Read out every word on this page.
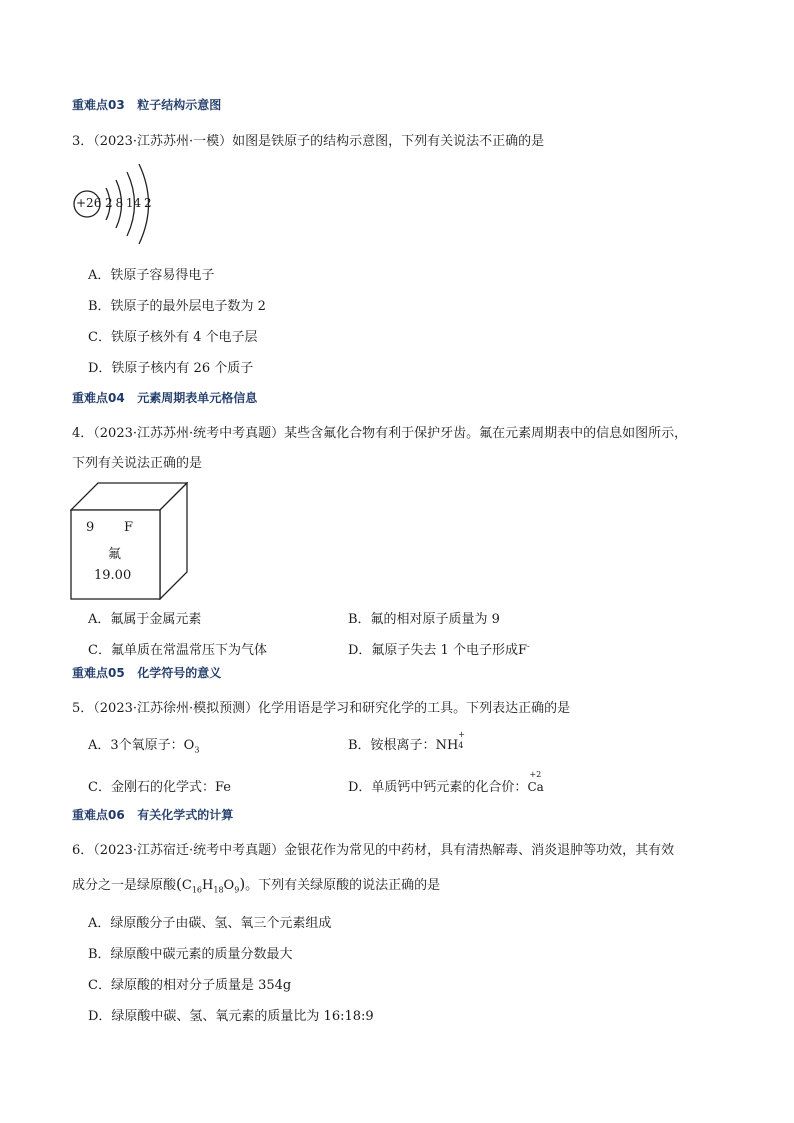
重难点03 粒子结构示意图
3．（2023·江苏苏州·一模）如图是铁原子的结构示意图，下列有关说法不正确的是
+26 2 8 14 2
A．铁原子容易得电子
B．铁原子的最外层电子数为 2
C．铁原子核外有 4 个电子层
D．铁原子核内有 26 个质子
重难点04 元素周期表单元格信息
4．（2023·江苏苏州·统考中考真题）某些含氟化合物有利于保护牙齿。氟在元素周期表中的信息如图所示，
下列有关说法正确的是
9 F
氟
19.00
A．氟属于金属元素	B．氟的相对原子质量为 9
C．氟单质在常温常压下为气体	D．氟原子失去 1 个电子形成F-
重难点05 化学符号的意义
5．（2023·江苏徐州·模拟预测）化学用语是学习和研究化学的工具。下列表达正确的是
A．3个氧原子：$O_3$	B．铵根离子：NH
+
4
C．金刚石的化学式：Fe	D．单质钙中钙元素的化合价：
+2
Ca
重难点06 有关化学式的计算
6．（2023·江苏宿迁·统考中考真题）金银花作为常见的中药材，具有清热解毒、消炎退肿等功效，其有效
成分之一是绿原酸$(C_{16}H_{18}O_9)$。下列有关绿原酸的说法正确的是
A．绿原酸分子由碳、氢、氧三个元素组成
B．绿原酸中碳元素的质量分数最大
C．绿原酸的相对分子质量是 354g
D．绿原酸中碳、氢、氧元素的质量比为 16:18:9
